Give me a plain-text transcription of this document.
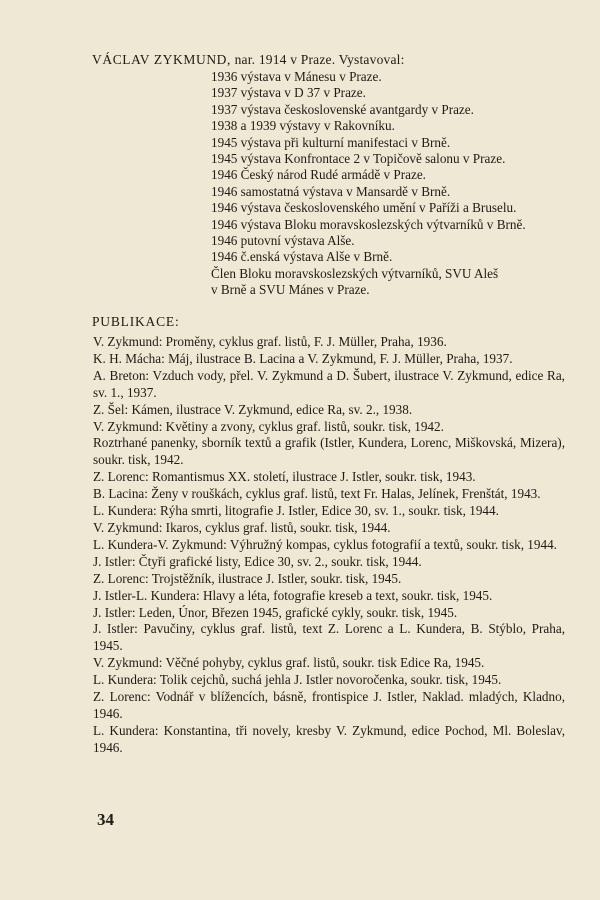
VÁCLAV ZYKMUND, nar. 1914 v Praze. Vystavoval:
1936 výstava v Mánesu v Praze.
1937 výstava v D 37 v Praze.
1937 výstava československé avantgardy v Praze.
1938 a 1939 výstavy v Rakovníku.
1945 výstava při kulturní manifestaci v Brně.
1945 výstava Konfrontace 2 v Topičově salonu v Praze.
1946 Český národ Rudé armádě v Praze.
1946 samostatná výstava v Mansardě v Brně.
1946 výstava československého umění v Paříži a Bruselu.
1946 výstava Bloku moravskoslezských výtvarníků v Brně.
1946 putovní výstava Alše.
1946 č.enská výstava Alše v Brně.
Člen Bloku moravskoslezských výtvarníků, SVU Aleš
v Brně a SVU Mánes v Praze.
PUBLIKACE:
V. Zykmund: Proměny, cyklus graf. listů, F. J. Müller, Praha, 1936.
K. H. Mácha: Máj, ilustrace B. Lacina a V. Zykmund, F. J. Müller, Praha, 1937.
A. Breton: Vzduch vody, přel. V. Zykmund a D. Šubert, ilustrace V. Zykmund, edice Ra, sv. 1., 1937.
Z. Šel: Kámen, ilustrace V. Zykmund, edice Ra, sv. 2., 1938.
V. Zykmund: Květiny a zvony, cyklus graf. listů, soukr. tisk, 1942.
Roztrhané panenky, sborník textů a grafik (Istler, Kundera, Lorenc, Miškovská, Mizera), soukr. tisk, 1942.
Z. Lorenc: Romantismus XX. století, ilustrace J. Istler, soukr. tisk, 1943.
B. Lacina: Ženy v rouškách, cyklus graf. listů, text Fr. Halas, Jelínek, Frenštát, 1943.
L. Kundera: Rýha smrti, litografie J. Istler, Edice 30, sv. 1., soukr. tisk, 1944.
V. Zykmund: Ikaros, cyklus graf. listů, soukr. tisk, 1944.
L. Kundera-V. Zykmund: Výhružný kompas, cyklus fotografií a textů, soukr. tisk, 1944.
J. Istler: Čtyři grafické listy, Edice 30, sv. 2., soukr. tisk, 1944.
Z. Lorenc: Trojstěžník, ilustrace J. Istler, soukr. tisk, 1945.
J. Istler-L. Kundera: Hlavy a léta, fotografie kreseb a text, soukr. tisk, 1945.
J. Istler: Leden, Únor, Březen 1945, grafické cykly, soukr. tisk, 1945.
J. Istler: Pavučiny, cyklus graf. listů, text Z. Lorenc a L. Kundera, B. Stýblo, Praha, 1945.
V. Zykmund: Věčné pohyby, cyklus graf. listů, soukr. tisk Edice Ra, 1945.
L. Kundera: Tolik cejchů, suchá jehla J. Istler novoročenka, soukr. tisk, 1945.
Z. Lorenc: Vodnář v blížencích, básně, frontispice J. Istler, Naklad. mladých, Kladno, 1946.
L. Kundera: Konstantina, tři novely, kresby V. Zykmund, edice Pochod, Ml. Boleslav, 1946.
34
